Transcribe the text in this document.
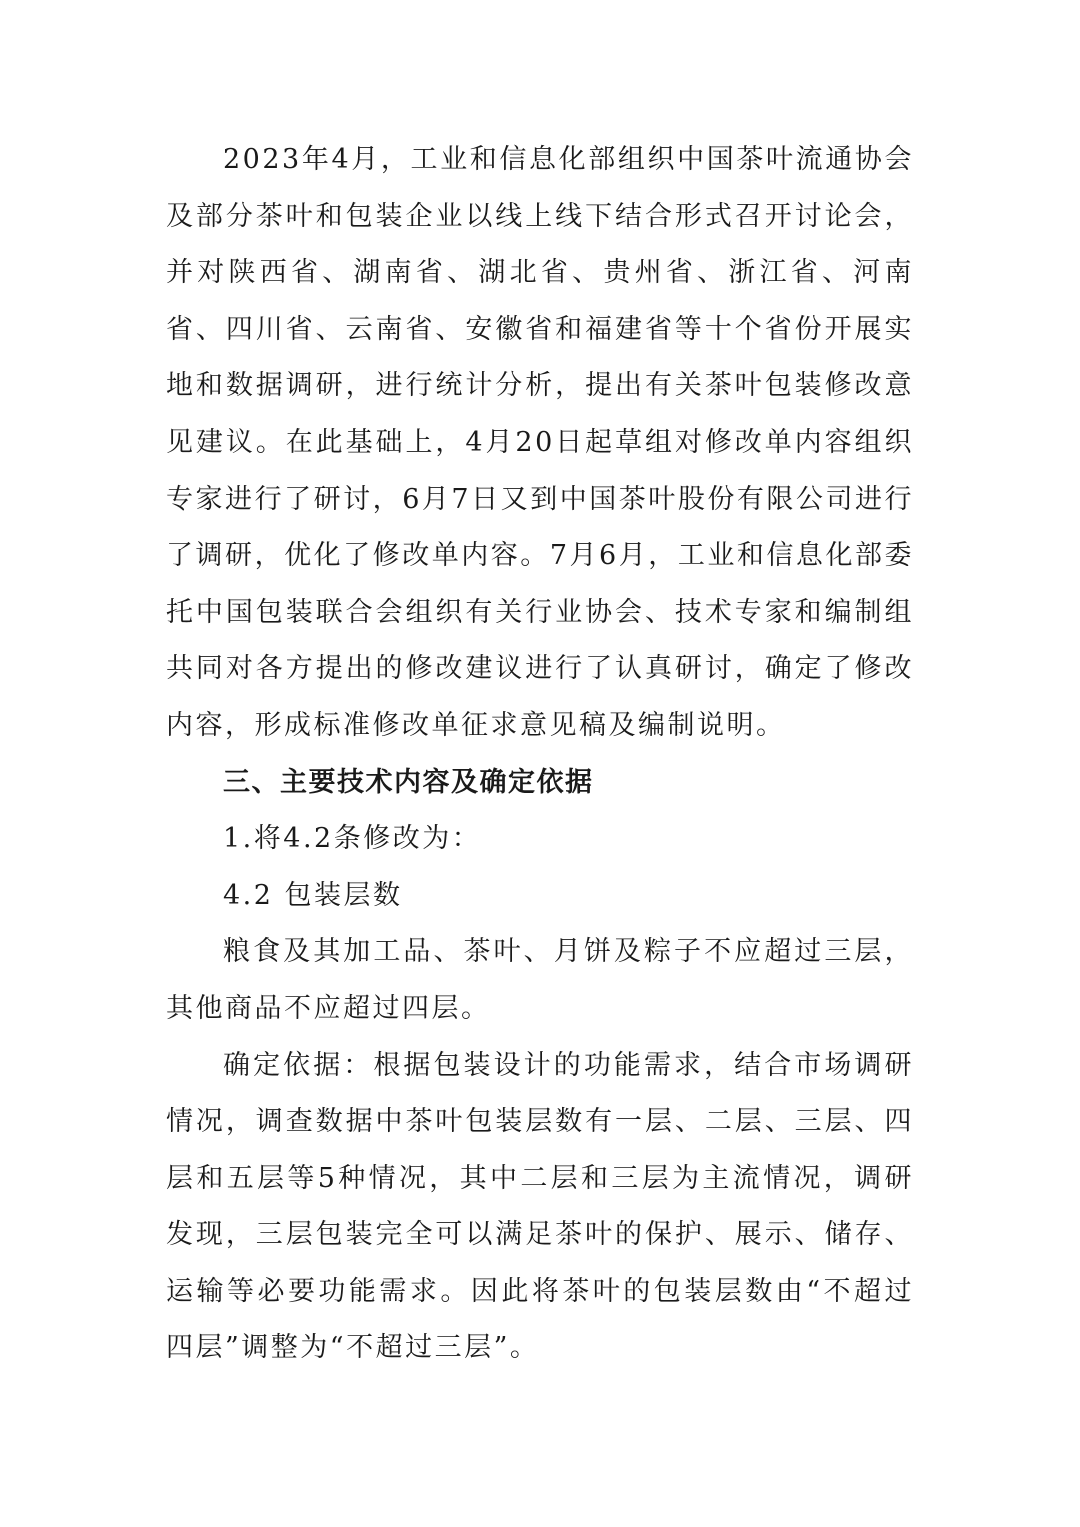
2023年4月，工业和信息化部组织中国茶叶流通协会及部分茶叶和包装企业以线上线下结合形式召开讨论会，并对陕西省、湖南省、湖北省、贵州省、浙江省、河南省、四川省、云南省、安徽省和福建省等十个省份开展实地和数据调研，进行统计分析，提出有关茶叶包装修改意见建议。在此基础上，4月20日起草组对修改单内容组织专家进行了研讨，6月7日又到中国茶叶股份有限公司进行了调研，优化了修改单内容。7月6月，工业和信息化部委托中国包装联合会组织有关行业协会、技术专家和编制组共同对各方提出的修改建议进行了认真研讨，确定了修改内容，形成标准修改单征求意见稿及编制说明。

三、主要技术内容及确定依据

1.将4.2条修改为：

4.2 包装层数

粮食及其加工品、茶叶、月饼及粽子不应超过三层，其他商品不应超过四层。

确定依据：根据包装设计的功能需求，结合市场调研情况，调查数据中茶叶包装层数有一层、二层、三层、四层和五层等5种情况，其中二层和三层为主流情况，调研发现，三层包装完全可以满足茶叶的保护、展示、储存、运输等必要功能需求。因此将茶叶的包装层数由“不超过四层”调整为“不超过三层”。
